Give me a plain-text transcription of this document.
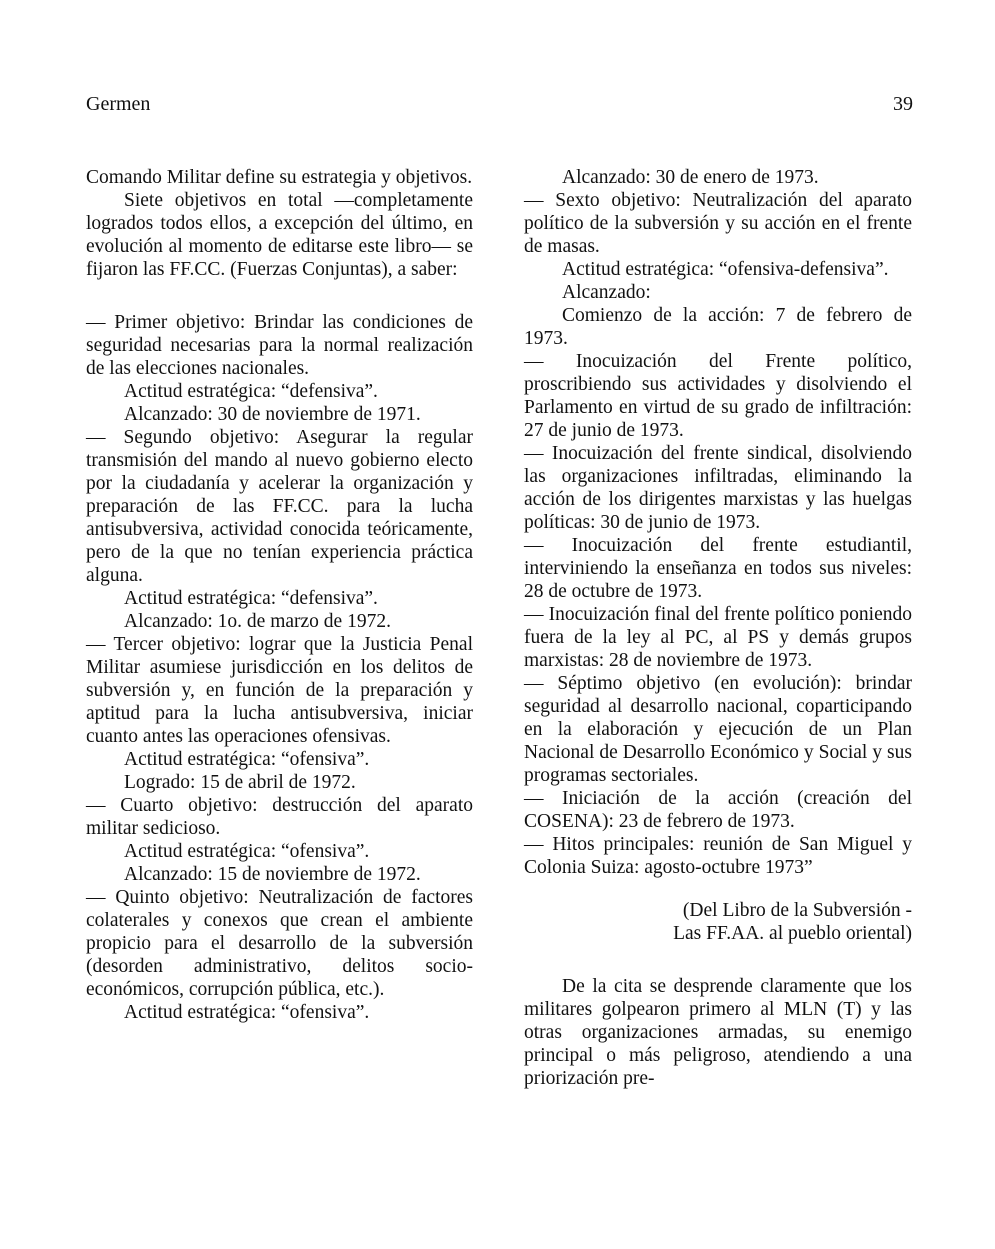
Germen	39

Comando Militar define su estrategia y objetivos.

Siete objetivos en total —completamente logrados todos ellos, a excepción del último, en evolución al momento de editarse este libro— se fijaron las FF.CC. (Fuerzas Conjuntas), a saber:

— Primer objetivo: Brindar las condiciones de seguridad necesarias para la normal realización de las elecciones nacionales.

Actitud estratégica: “defensiva”.

Alcanzado: 30 de noviembre de 1971.

— Segundo objetivo: Asegurar la regular transmisión del mando al nuevo gobierno electo por la ciudadanía y acelerar la organización y preparación de las FF.CC. para la lucha antisubversiva, actividad conocida teóricamente, pero de la que no tenían experiencia práctica alguna.

Actitud estratégica: “defensiva”.

Alcanzado: 1o. de marzo de 1972.

— Tercer objetivo: lograr que la Justicia Penal Militar asumiese jurisdicción en los delitos de subversión y, en función de la preparación y aptitud para la lucha antisubversiva, iniciar cuanto antes las operaciones ofensivas.

Actitud estratégica: “ofensiva”.

Logrado: 15 de abril de 1972.

— Cuarto objetivo: destrucción del aparato militar sedicioso.

Actitud estratégica: “ofensiva”.

Alcanzado: 15 de noviembre de 1972.

— Quinto objetivo: Neutralización de factores colaterales y conexos que crean el ambiente propicio para el desarrollo de la subversión (desorden administrativo, delitos socio-económicos, corrupción pública, etc.).

Actitud estratégica: “ofensiva”.

Alcanzado: 30 de enero de 1973.

— Sexto objetivo: Neutralización del aparato político de la subversión y su acción en el frente de masas.

Actitud estratégica: “ofensiva-defensiva”.

Alcanzado:

Comienzo de la acción: 7 de febrero de 1973.

— Inocuización del Frente político, proscribiendo sus actividades y disolviendo el Parlamento en virtud de su grado de infiltración: 27 de junio de 1973.

— Inocuización del frente sindical, disolviendo las organizaciones infiltradas, eliminando la acción de los dirigentes marxistas y las huelgas políticas: 30 de junio de 1973.

— Inocuización del frente estudiantil, interviniendo la enseñanza en todos sus niveles: 28 de octubre de 1973.

— Inocuización final del frente político poniendo fuera de la ley al PC, al PS y demás grupos marxistas: 28 de noviembre de 1973.

— Séptimo objetivo (en evolución): brindar seguridad al desarrollo nacional, coparticipando en la elaboración y ejecución de un Plan Nacional de Desarrollo Económico y Social y sus programas sectoriales.

— Iniciación de la acción (creación del COSENA): 23 de febrero de 1973.

— Hitos principales: reunión de San Miguel y Colonia Suiza: agosto-octubre 1973”

(Del Libro de la Subversión -

Las FF.AA. al pueblo oriental)

De la cita se desprende claramente que los militares golpearon primero al MLN (T) y las otras organizaciones armadas, su enemigo principal o más peligroso, atendiendo a una priorización pre-
